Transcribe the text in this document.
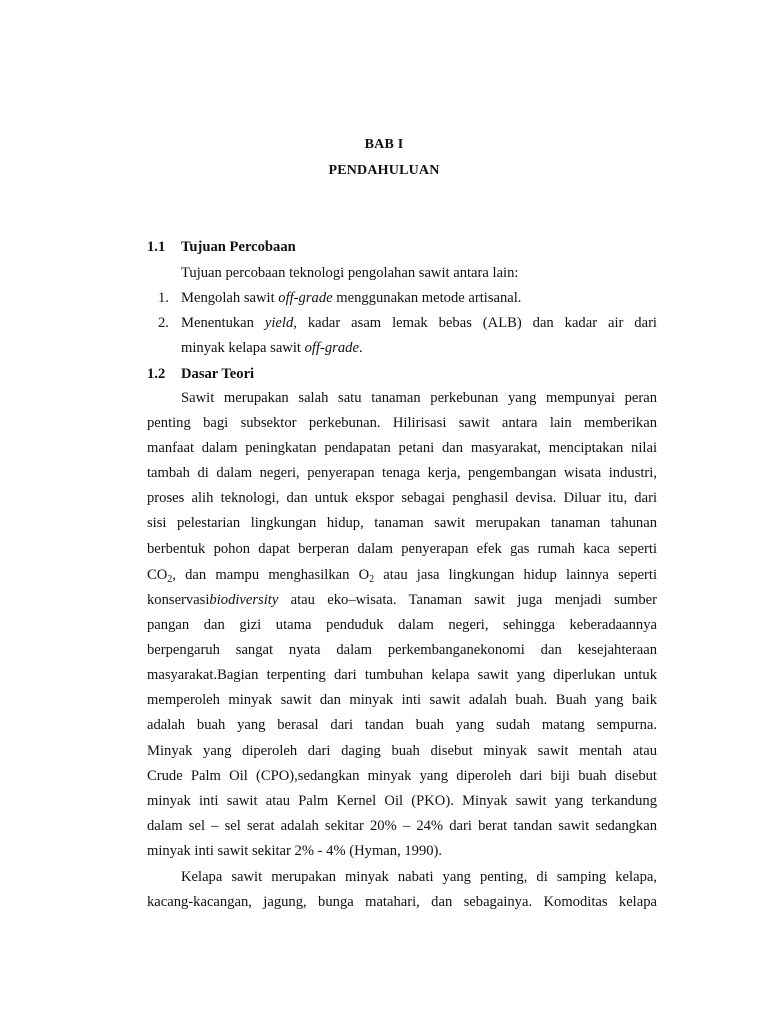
BAB I
PENDAHULUAN
1.1 Tujuan Percobaan
Tujuan percobaan teknologi pengolahan sawit antara lain:
1. Mengolah sawit off-grade menggunakan metode artisanal.
2. Menentukan yield, kadar asam lemak bebas (ALB) dan kadar air dari
minyak kelapa sawit off-grade.
1.2 Dasar Teori
Sawit merupakan salah satu tanaman perkebunan yang mempunyai peran
penting bagi subsektor perkebunan. Hilirisasi sawit antara lain memberikan
manfaat dalam peningkatan pendapatan petani dan masyarakat, menciptakan nilai
tambah di dalam negeri, penyerapan tenaga kerja, pengembangan wisata industri,
proses alih teknologi, dan untuk ekspor sebagai penghasil devisa. Diluar itu, dari
sisi pelestarian lingkungan hidup, tanaman sawit merupakan tanaman tahunan
berbentuk pohon dapat berperan dalam penyerapan efek gas rumah kaca seperti
$CO_2$, dan mampu menghasilkan $O_2$ atau jasa lingkungan hidup lainnya seperti
konservasibiodiversity atau eko–wisata. Tanaman sawit juga menjadi sumber
pangan dan gizi utama penduduk dalam negeri, sehingga keberadaannya
berpengaruh sangat nyata dalam perkembanganekonomi dan kesejahteraan
masyarakat.Bagian terpenting dari tumbuhan kelapa sawit yang diperlukan untuk
memperoleh minyak sawit dan minyak inti sawit adalah buah. Buah yang baik
adalah buah yang berasal dari tandan buah yang sudah matang sempurna.
Minyak yang diperoleh dari daging buah disebut minyak sawit mentah atau
Crude Palm Oil (CPO),sedangkan minyak yang diperoleh dari biji buah disebut
minyak inti sawit atau Palm Kernel Oil (PKO). Minyak sawit yang terkandung
dalam sel – sel serat adalah sekitar 20% – 24% dari berat tandan sawit sedangkan
minyak inti sawit sekitar 2% - 4% (Hyman, 1990).
Kelapa sawit merupakan minyak nabati yang penting, di samping kelapa,
kacang-kacangan, jagung, bunga matahari, dan sebagainya. Komoditas kelapa
